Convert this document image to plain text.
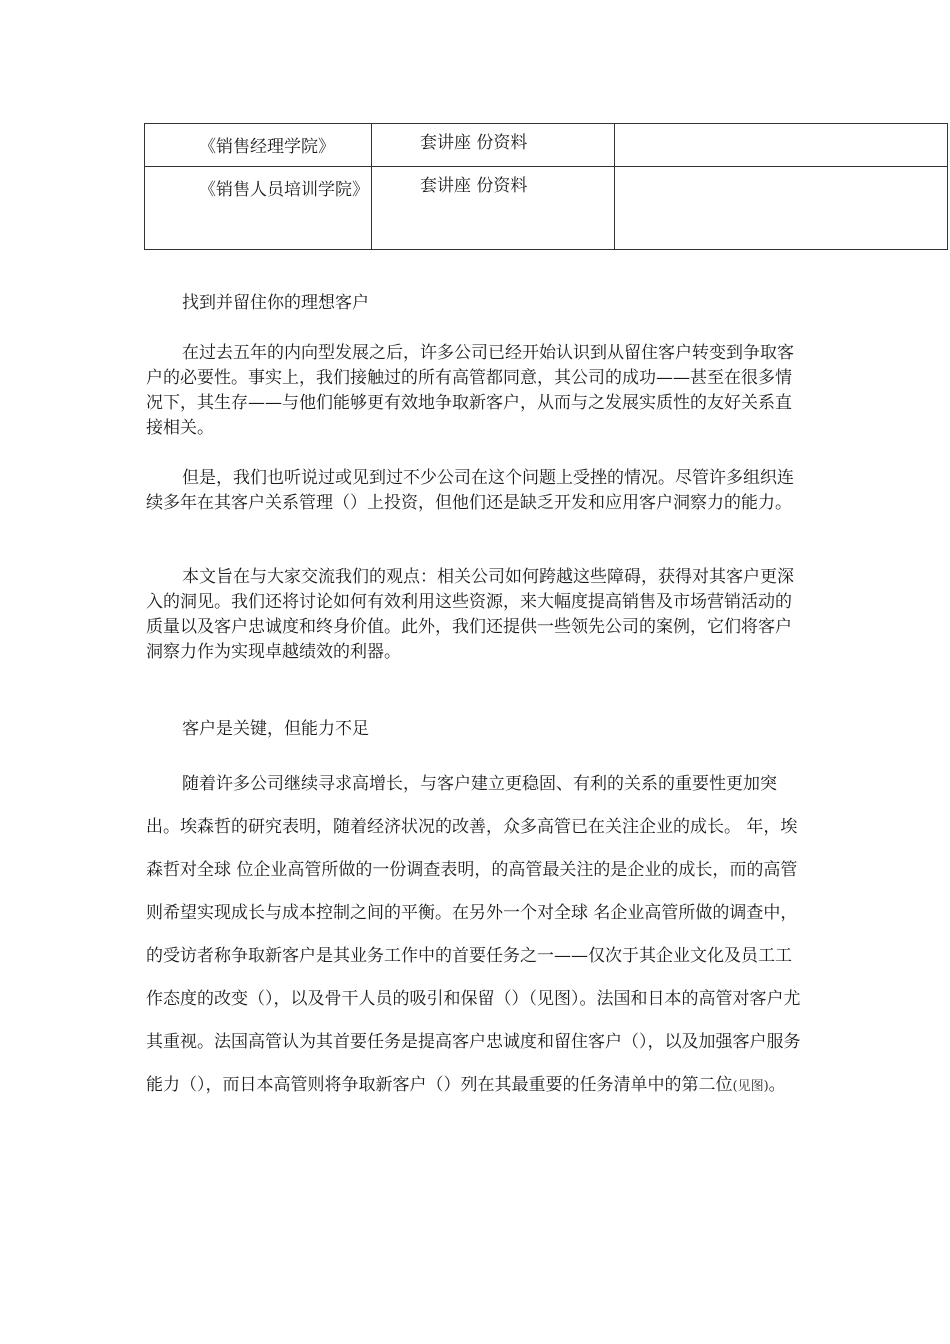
《销售经理学院》	套讲座 份资料	

《销售人员培训学院》	套讲座 份资料	

找到并留住你的理想客户

在过去五年的内向型发展之后，许多公司已经开始认识到从留住客户转变到争取客户的必要性。事实上，我们接触过的所有高管都同意，其公司的成功——甚至在很多情况下，其生存——与他们能够更有效地争取新客户，从而与之发展实质性的友好关系直接相关。

但是，我们也听说过或见到过不少公司在这个问题上受挫的情况。尽管许多组织连续多年在其客户关系管理（）上投资，但他们还是缺乏开发和应用客户洞察力的能力。

本文旨在与大家交流我们的观点：相关公司如何跨越这些障碍，获得对其客户更深入的洞见。我们还将讨论如何有效利用这些资源，来大幅度提高销售及市场营销活动的质量以及客户忠诚度和终身价值。此外，我们还提供一些领先公司的案例，它们将客户洞察力作为实现卓越绩效的利器。

客户是关键，但能力不足

随着许多公司继续寻求高增长，与客户建立更稳固、有利的关系的重要性更加突出。埃森哲的研究表明，随着经济状况的改善，众多高管已在关注企业的成长。 年，埃森哲对全球 位企业高管所做的一份调查表明，的高管最关注的是企业的成长，而的高管则希望实现成长与成本控制之间的平衡。在另外一个对全球 名企业高管所做的调查中，的受访者称争取新客户是其业务工作中的首要任务之一——仅次于其企业文化及员工工作态度的改变（），以及骨干人员的吸引和保留（）（见图）。法国和日本的高管对客户尤其重视。法国高管认为其首要任务是提高客户忠诚度和留住客户（），以及加强客户服务能力（），而日本高管则将争取新客户（）列在其最重要的任务清单中的第二位(见图)。
